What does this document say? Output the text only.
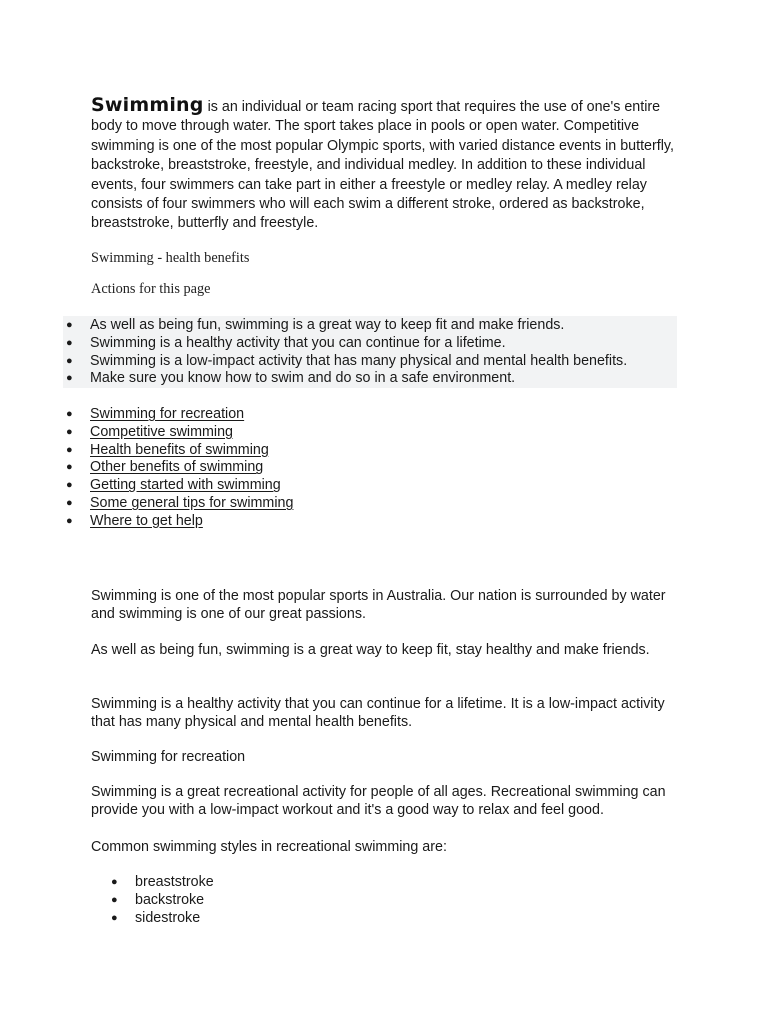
Swimming is an individual or team racing sport that requires the use of one's entire body to move through water. The sport takes place in pools or open water. Competitive swimming is one of the most popular Olympic sports, with varied distance events in butterfly, backstroke, breaststroke, freestyle, and individual medley. In addition to these individual events, four swimmers can take part in either a freestyle or medley relay. A medley relay consists of four swimmers who will each swim a different stroke, ordered as backstroke, breaststroke, butterfly and freestyle.
Swimming - health benefits
Actions for this page
● As well as being fun, swimming is a great way to keep fit and make friends.
● Swimming is a healthy activity that you can continue for a lifetime.
● Swimming is a low-impact activity that has many physical and mental health benefits.
● Make sure you know how to swim and do so in a safe environment.
● Swimming for recreation
● Competitive swimming
● Health benefits of swimming
● Other benefits of swimming
● Getting started with swimming
● Some general tips for swimming
● Where to get help

Swimming is one of the most popular sports in Australia. Our nation is surrounded by water and swimming is one of our great passions.

As well as being fun, swimming is a great way to keep fit, stay healthy and make friends.

Swimming is a healthy activity that you can continue for a lifetime. It is a low-impact activity that has many physical and mental health benefits.

Swimming for recreation

Swimming is a great recreational activity for people of all ages. Recreational swimming can provide you with a low-impact workout and it's a good way to relax and feel good.

Common swimming styles in recreational swimming are:

● breaststroke
● backstroke
● sidestroke
